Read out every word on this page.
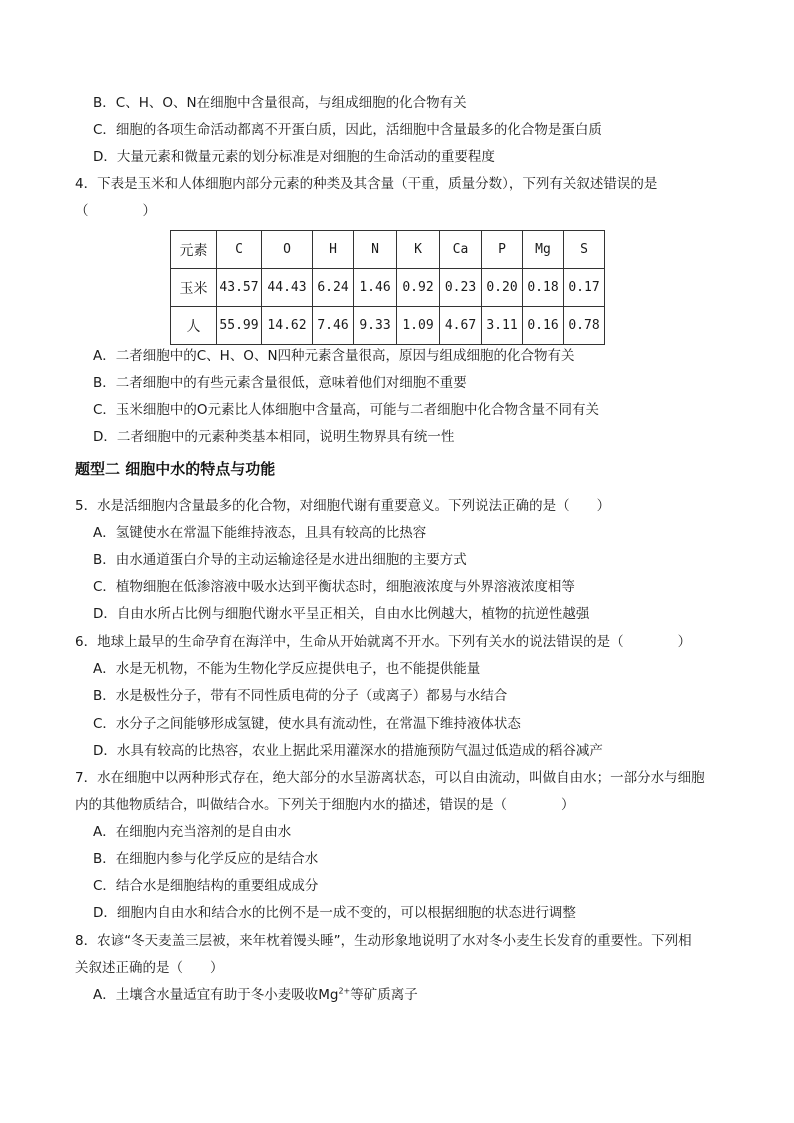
B．C、H、O、N在细胞中含量很高，与组成细胞的化合物有关
C．细胞的各项生命活动都离不开蛋白质，因此，活细胞中含量最多的化合物是蛋白质
D．大量元素和微量元素的划分标准是对细胞的生命活动的重要程度
4．下表是玉米和人体细胞内部分元素的种类及其含量（干重，质量分数），下列有关叙述错误的是
（　　　　）
元素	C	O	H	N	K	Ca	P	Mg	S
玉米	43.57	44.43	6.24	1.46	0.92	0.23	0.20	0.18	0.17
人	55.99	14.62	7.46	9.33	1.09	4.67	3.11	0.16	0.78
A．二者细胞中的C、H、O、N四种元素含量很高，原因与组成细胞的化合物有关
B．二者细胞中的有些元素含量很低，意味着他们对细胞不重要
C．玉米细胞中的O元素比人体细胞中含量高，可能与二者细胞中化合物含量不同有关
D．二者细胞中的元素种类基本相同，说明生物界具有统一性
题型二 细胞中水的特点与功能
5．水是活细胞内含量最多的化合物，对细胞代谢有重要意义。下列说法正确的是（　　）
A．氢键使水在常温下能维持液态，且具有较高的比热容
B．由水通道蛋白介导的主动运输途径是水进出细胞的主要方式
C．植物细胞在低渗溶液中吸水达到平衡状态时，细胞液浓度与外界溶液浓度相等
D．自由水所占比例与细胞代谢水平呈正相关，自由水比例越大，植物的抗逆性越强
6．地球上最早的生命孕育在海洋中，生命从开始就离不开水。下列有关水的说法错误的是（　　　　）
A．水是无机物，不能为生物化学反应提供电子，也不能提供能量
B．水是极性分子，带有不同性质电荷的分子（或离子）都易与水结合
C．水分子之间能够形成氢键，使水具有流动性，在常温下维持液体状态
D．水具有较高的比热容，农业上据此采用灌深水的措施预防气温过低造成的稻谷减产
7．水在细胞中以两种形式存在，绝大部分的水呈游离状态，可以自由流动，叫做自由水；一部分水与细胞
内的其他物质结合，叫做结合水。下列关于细胞内水的描述，错误的是（　　　　）
A．在细胞内充当溶剂的是自由水
B．在细胞内参与化学反应的是结合水
C．结合水是细胞结构的重要组成成分
D．细胞内自由水和结合水的比例不是一成不变的，可以根据细胞的状态进行调整
8．农谚“冬天麦盖三层被，来年枕着馒头睡”，生动形象地说明了水对冬小麦生长发育的重要性。下列相
关叙述正确的是（　　）
A．土壤含水量适宜有助于冬小麦吸收$Mg^{2+}$等矿质离子
